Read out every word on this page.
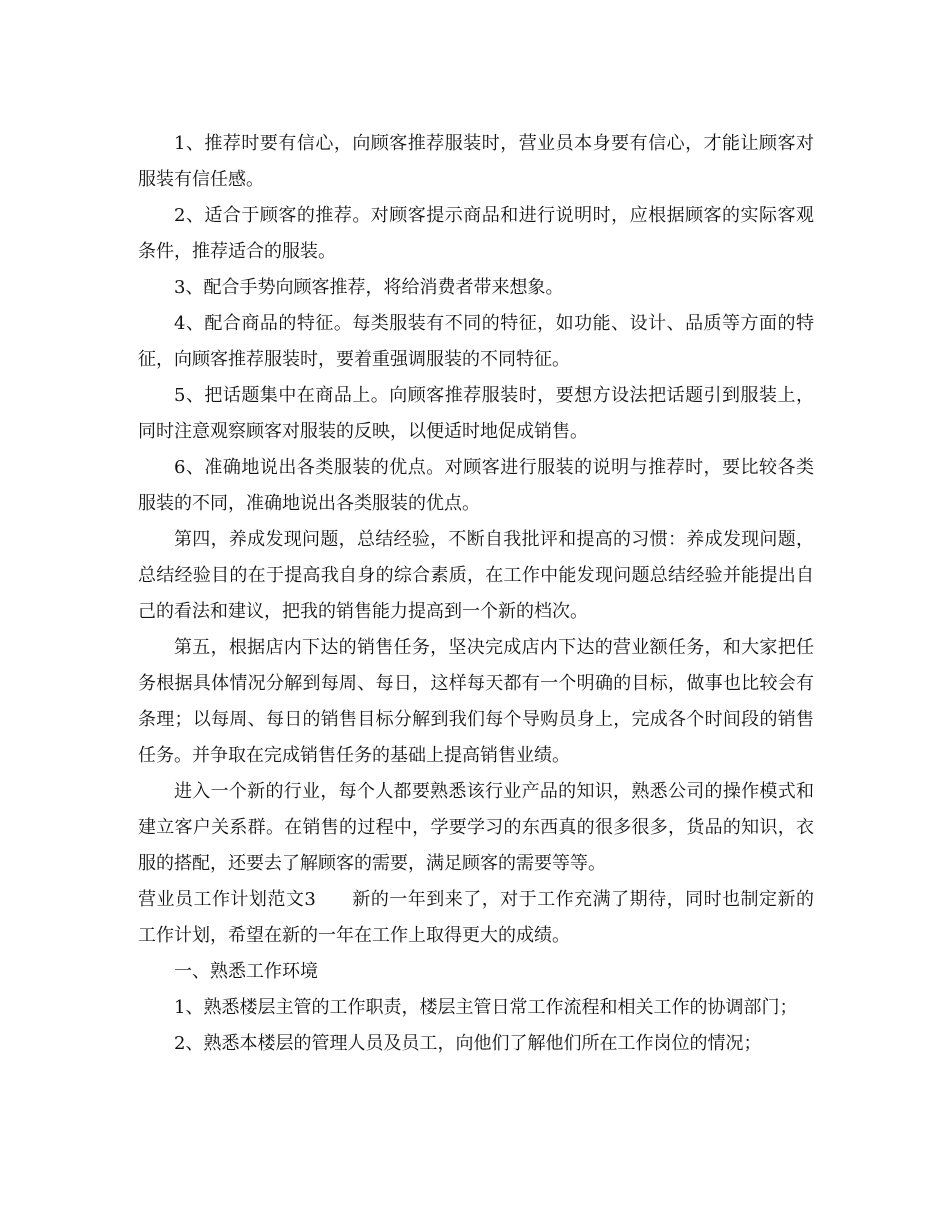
1、推荐时要有信心，向顾客推荐服装时，营业员本身要有信心，才能让顾客对服装有信任感。

2、适合于顾客的推荐。对顾客提示商品和进行说明时，应根据顾客的实际客观条件，推荐适合的服装。

3、配合手势向顾客推荐，将给消费者带来想象。

4、配合商品的特征。每类服装有不同的特征，如功能、设计、品质等方面的特征，向顾客推荐服装时，要着重强调服装的不同特征。

5、把话题集中在商品上。向顾客推荐服装时，要想方设法把话题引到服装上，同时注意观察顾客对服装的反映，以便适时地促成销售。

6、准确地说出各类服装的优点。对顾客进行服装的说明与推荐时，要比较各类服装的不同，准确地说出各类服装的优点。

第四，养成发现问题，总结经验，不断自我批评和提高的习惯：养成发现问题，总结经验目的在于提高我自身的综合素质，在工作中能发现问题总结经验并能提出自己的看法和建议，把我的销售能力提高到一个新的档次。

第五，根据店内下达的销售任务，坚决完成店内下达的营业额任务，和大家把任务根据具体情况分解到每周、每日，这样每天都有一个明确的目标，做事也比较会有条理；以每周、每日的销售目标分解到我们每个导购员身上，完成各个时间段的销售任务。并争取在完成销售任务的基础上提高销售业绩。

进入一个新的行业，每个人都要熟悉该行业产品的知识，熟悉公司的操作模式和建立客户关系群。在销售的过程中，学要学习的东西真的很多很多，货品的知识，衣服的搭配，还要去了解顾客的需要，满足顾客的需要等等。

营业员工作计划范文3 新的一年到来了，对于工作充满了期待，同时也制定新的工作计划，希望在新的一年在工作上取得更大的成绩。

一、熟悉工作环境

1、熟悉楼层主管的工作职责，楼层主管日常工作流程和相关工作的协调部门；

2、熟悉本楼层的管理人员及员工，向他们了解他们所在工作岗位的情况；
